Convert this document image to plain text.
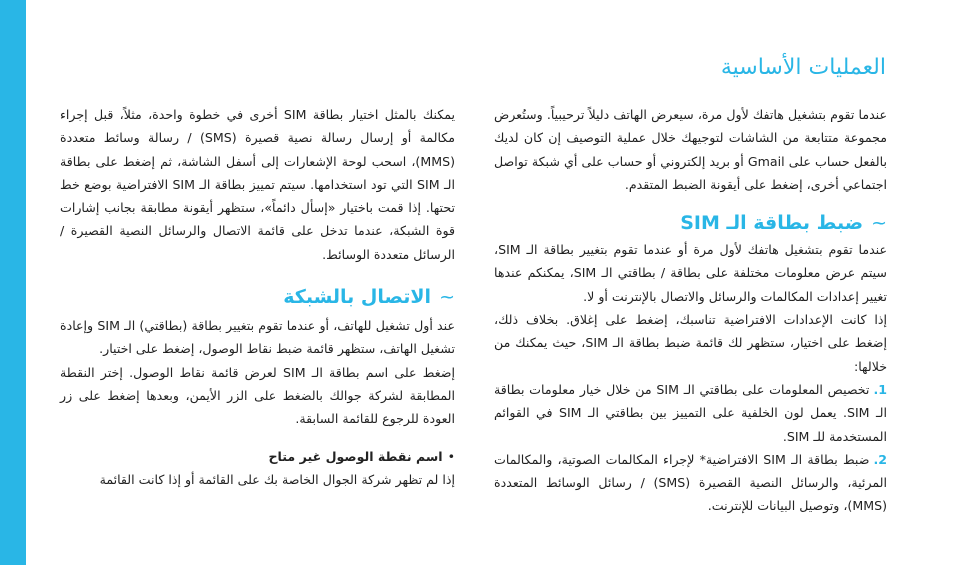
العمليات الأساسية

عندما تقوم بتشغيل هاتفك لأول مرة، سيعرض الهاتف دليلاً ترحيبياً. وستُعرض مجموعة متتابعة من الشاشات لتوجيهك خلال عملية التوصيف إن كان لديك بالفعل حساب على Gmail أو بريد إلكتروني أو حساب على أي شبكة تواصل اجتماعي أخرى، إضغط على أيقونة الضبط المتقدم.

~ضبط بطاقة الـ SIM

عندما تقوم بتشغيل هاتفك لأول مرة أو عندما تقوم بتغيير بطاقة الـ SIM، سيتم عرض معلومات مختلفة على بطاقة / بطاقتي الـ SIM، يمكنكم عندها تغيير إعدادات المكالمات والرسائل والاتصال بالإنترنت أو لا.

إذا كانت الإعدادات الافتراضية تناسبك، إضغط على إغلاق. بخلاف ذلك، إضغط على اختيار، ستظهر لك قائمة ضبط بطاقة الـ SIM، حيث يمكنك من خلالها:

1.تخصيص المعلومات على بطاقتي الـ SIM من خلال خيار معلومات بطاقة الـ SIM. يعمل لون الخلفية على التمييز بين بطاقتي الـ SIM في القوائم المستخدمة للـ SIM.

2.ضبط بطاقة الـ SIM الافتراضية* لإجراء المكالمات الصوتية، والمكالمات المرئية، والرسائل النصية القصيرة (SMS) / رسائل الوسائط المتعددة (MMS)، وتوصيل البيانات للإنترنت.

يمكنك بالمثل اختيار بطاقة SIM أخرى في خطوة واحدة، مثلاً، قبل إجراء مكالمة أو إرسال رسالة نصية قصيرة (SMS) / رسالة وسائط متعددة (MMS)، اسحب لوحة الإشعارات إلى أسفل الشاشة، ثم إضغط على بطاقة الـ SIM التي تود استخدامها. سيتم تمييز بطاقة الـ SIM الافتراضية بوضع خط تحتها. إذا قمت باختيار «إسأل دائماً»، ستظهر أيقونة مطابقة بجانب إشارات قوة الشبكة، عندما تدخل على قائمة الاتصال والرسائل النصية القصيرة / الرسائل متعددة الوسائط.

~الاتصال بالشبكة

عند أول تشغيل للهاتف، أو عندما تقوم بتغيير بطاقة (بطاقتي) الـ SIM وإعادة تشغيل الهاتف، ستظهر قائمة ضبط نقاط الوصول، إضغط على اختيار.

إضغط على اسم بطاقة الـ SIM لعرض قائمة نقاط الوصول. إختر النقطة المطابقة لشركة جوالك بالضغط على الزر الأيمن، وبعدها إضغط على زر العودة للرجوع للقائمة السابقة.

•اسم نقطة الوصول غير متاح

إذا لم تظهر شركة الجوال الخاصة بك على القائمة أو إذا كانت القائمة
